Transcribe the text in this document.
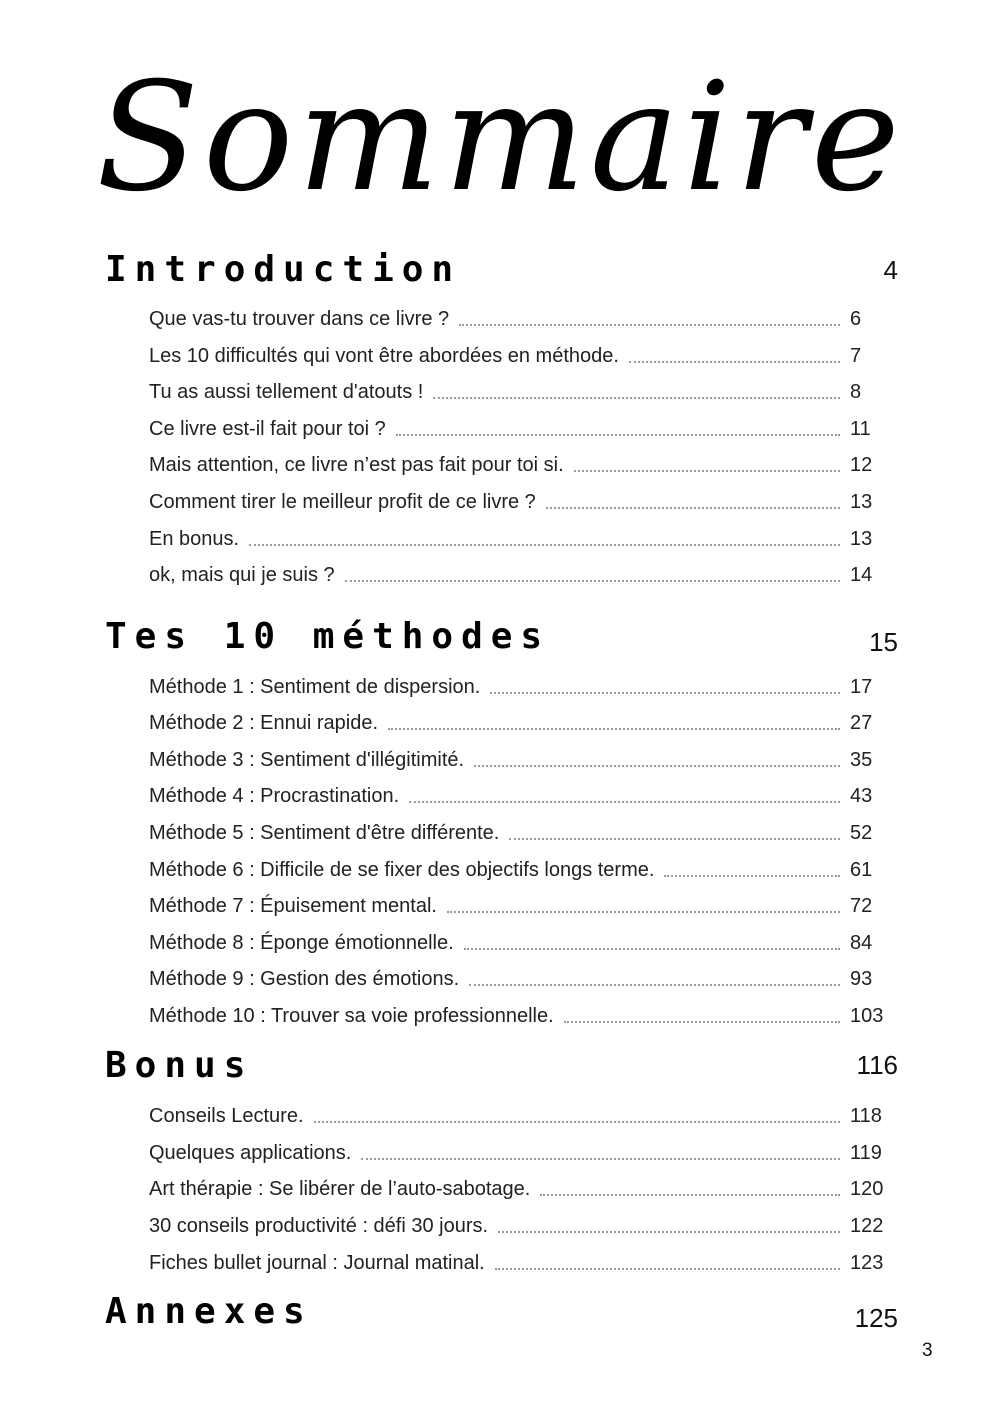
Sommaire
Introduction	4
Que vas-tu trouver dans ce livre ?	6
Les 10 difficultés qui vont être abordées en méthode.	7
Tu as aussi tellement d'atouts !	8
Ce livre est-il fait pour toi ?	11
Mais attention, ce livre n’est pas fait pour toi si.	12
Comment tirer le meilleur profit de ce livre ?	13
En bonus.	13
ok, mais qui je suis ?	14
Tes 10 méthodes	15
Méthode 1 : Sentiment de dispersion.	17
Méthode 2 : Ennui rapide.	27
Méthode 3 : Sentiment d'illégitimité.	35
Méthode 4 : Procrastination.	43
Méthode 5 : Sentiment d'être différente.	52
Méthode 6 : Difficile de se fixer des objectifs longs terme.	61
Méthode 7 : Épuisement mental.	72
Méthode 8 : Éponge émotionnelle.	84
Méthode 9 : Gestion des émotions.	93
Méthode 10 : Trouver sa voie professionnelle.	103
Bonus	116
Conseils Lecture.	118
Quelques applications.	119
Art thérapie : Se libérer de l’auto-sabotage.	120
30 conseils productivité : défi 30 jours.	122
Fiches bullet journal : Journal matinal.	123
Annexes	125
3
